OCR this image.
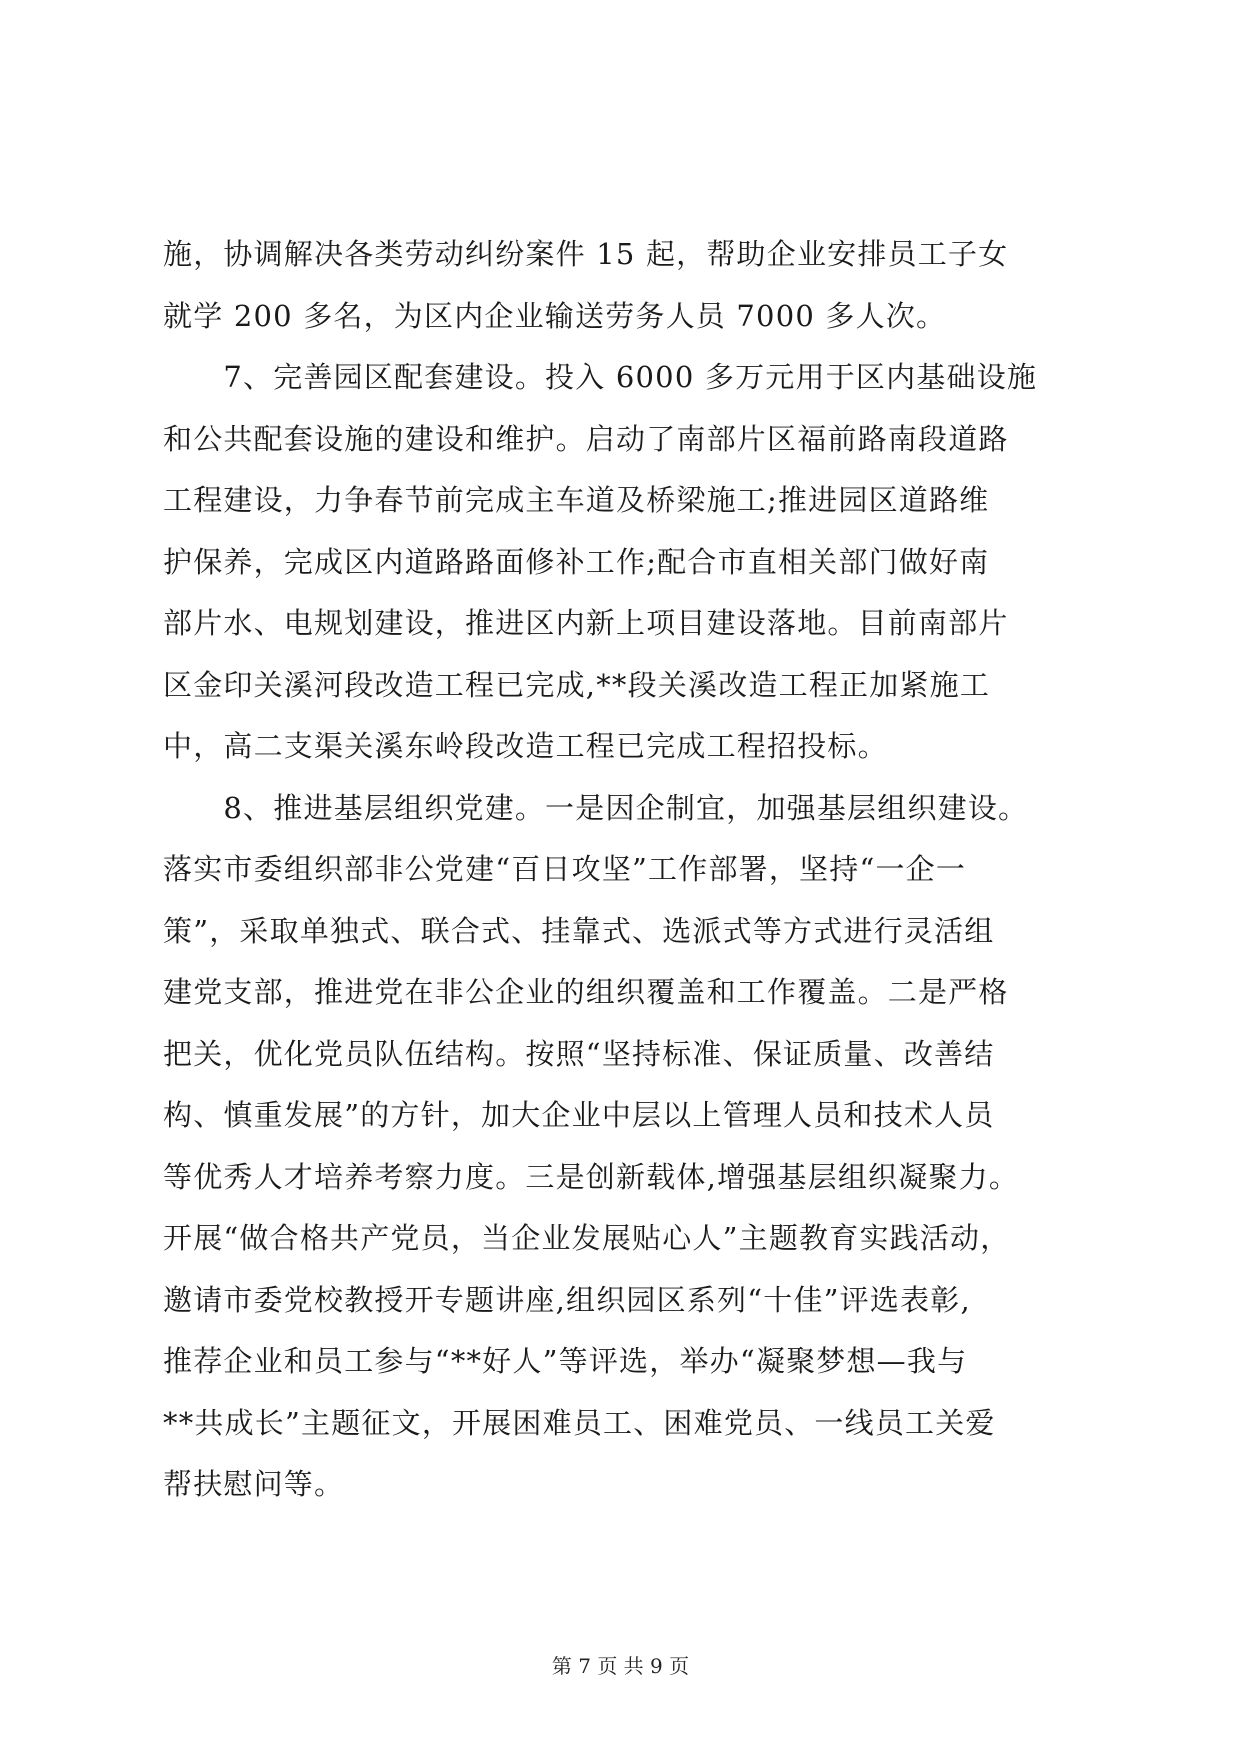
施，协调解决各类劳动纠纷案件 15 起，帮助企业安排员工子女
就学 200 多名，为区内企业输送劳务人员 7000 多人次。
　　7、完善园区配套建设。投入 6000 多万元用于区内基础设施
和公共配套设施的建设和维护。启动了南部片区福前路南段道路
工程建设，力争春节前完成主车道及桥梁施工;推进园区道路维
护保养，完成区内道路路面修补工作;配合市直相关部门做好南
部片水、电规划建设，推进区内新上项目建设落地。目前南部片
区金印关溪河段改造工程已完成,**段关溪改造工程正加紧施工
中，高二支渠关溪东岭段改造工程已完成工程招投标。
　　8、推进基层组织党建。一是因企制宜，加强基层组织建设。
落实市委组织部非公党建“百日攻坚”工作部署，坚持“一企一
策”，采取单独式、联合式、挂靠式、选派式等方式进行灵活组
建党支部，推进党在非公企业的组织覆盖和工作覆盖。二是严格
把关，优化党员队伍结构。按照“坚持标准、保证质量、改善结
构、慎重发展”的方针，加大企业中层以上管理人员和技术人员
等优秀人才培养考察力度。三是创新载体,增强基层组织凝聚力。
开展“做合格共产党员，当企业发展贴心人”主题教育实践活动，
邀请市委党校教授开专题讲座,组织园区系列“十佳”评选表彰,
推荐企业和员工参与“**好人”等评选，举办“凝聚梦想—我与
**共成长”主题征文，开展困难员工、困难党员、一线员工关爱
帮扶慰问等。
第 7 页 共 9 页
